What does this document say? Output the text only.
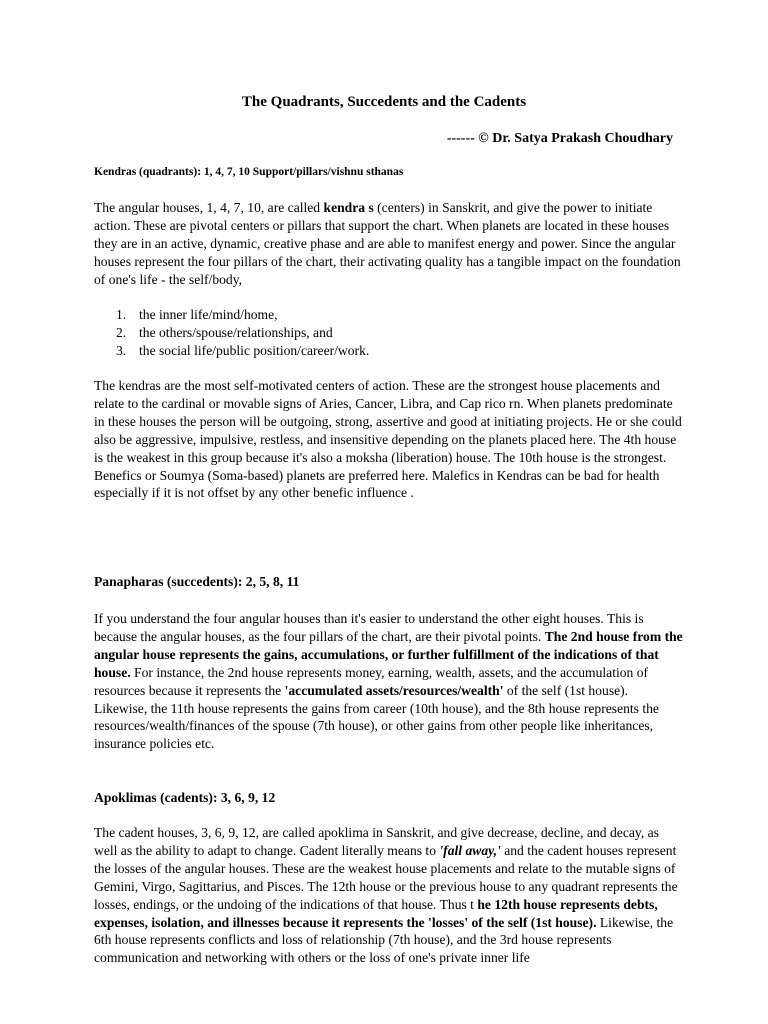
The Quadrants, Succedents and the Cadents
------ © Dr. Satya Prakash Choudhary
Kendras (quadrants): 1, 4, 7, 10 Support/pillars/vishnu sthanas

The angular houses, 1, 4, 7, 10, are called kendra s (centers) in Sanskrit, and give the power to initiate action. These are pivotal centers or pillars that support the chart. When planets are located in these houses they are in an active, dynamic, creative phase and are able to manifest energy and power. Since the angular houses represent the four pillars of the chart, their activating quality has a tangible impact on the foundation of one's life - the self/body,

1. the inner life/mind/home,
2. the others/spouse/relationships, and
3. the social life/public position/career/work.

The kendras are the most self-motivated centers of action. These are the strongest house placements and relate to the cardinal or movable signs of Aries, Cancer, Libra, and Cap rico rn. When planets predominate in these houses the person will be outgoing, strong, assertive and good at initiating projects. He or she could also be aggressive, impulsive, restless, and insensitive depending on the planets placed here. The 4th house is the weakest in this group because it's also a moksha (liberation) house. The 10th house is the strongest. Benefics or Soumya (Soma-based) planets are preferred here. Malefics in Kendras can be bad for health especially if it is not offset by any other benefic influence .

Panapharas (succedents): 2, 5, 8, 11

If you understand the four angular houses than it's easier to understand the other eight houses. This is because the angular houses, as the four pillars of the chart, are their pivotal points. The 2nd house from the angular house represents the gains, accumulations, or further fulfillment of the indications of that house. For instance, the 2nd house represents money, earning, wealth, assets, and the accumulation of resources because it represents the 'accumulated assets/resources/wealth' of the self (1st house). Likewise, the 11th house represents the gains from career (10th house), and the 8th house represents the resources/wealth/finances of the spouse (7th house), or other gains from other people like inheritances, insurance policies etc.

Apoklimas (cadents): 3, 6, 9, 12

The cadent houses, 3, 6, 9, 12, are called apoklima in Sanskrit, and give decrease, decline, and decay, as well as the ability to adapt to change. Cadent literally means to 'fall away,' and the cadent houses represent the losses of the angular houses. These are the weakest house placements and relate to the mutable signs of Gemini, Virgo, Sagittarius, and Pisces. The 12th house or the previous house to any quadrant represents the losses, endings, or the undoing of the indications of that house. Thus t he 12th house represents debts, expenses, isolation, and illnesses because it represents the 'losses' of the self (1st house). Likewise, the 6th house represents conflicts and loss of relationship (7th house), and the 3rd house represents communication and networking with others or the loss of one's private inner life
